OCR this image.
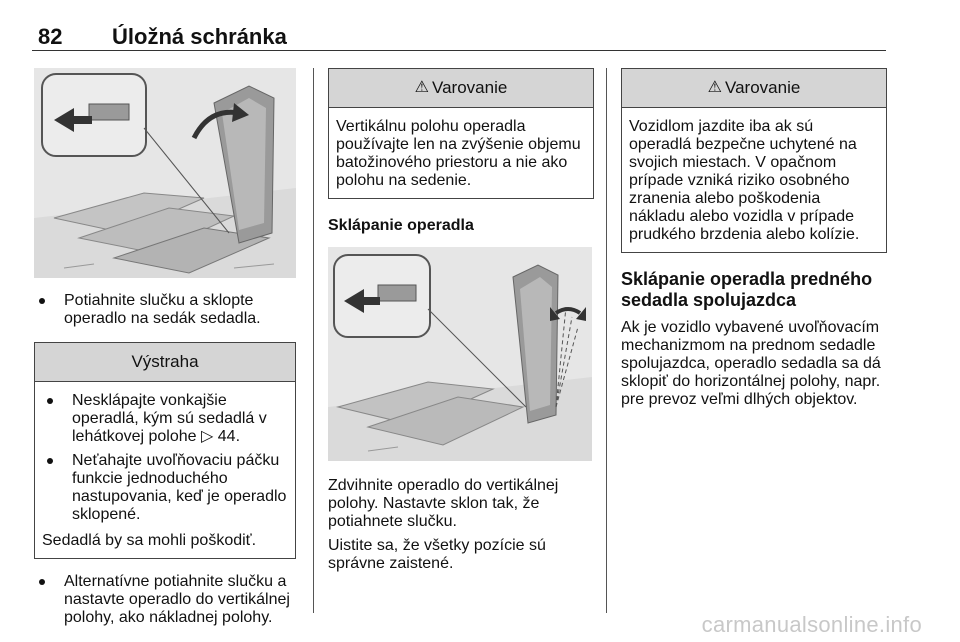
82 Úložná schránka

Potiahnite slučku a sklopte operadlo na sedák sedadla.

Výstraha

Nesklápajte vonkajšie operadlá, kým sú sedadlá v lehátkovej polohe ▷ 44.

Neťahajte uvoľňovaciu páčku funkcie jednoduchého nastupovania, keď je operadlo sklopené.

Sedadlá by sa mohli poškodiť.

Alternatívne potiahnite slučku a nastavte operadlo do vertikálnej polohy, ako nákladnej polohy.

⚠ Varovanie

Vertikálnu polohu operadla používajte len na zvýšenie objemu batožinového priestoru a nie ako polohu na sedenie.

Sklápanie operadla

Zdvihnite operadlo do vertikálnej polohy. Nastavte sklon tak, že potiahnete slučku.

Uistite sa, že všetky pozície sú správne zaistené.

⚠ Varovanie

Vozidlom jazdite iba ak sú operadlá bezpečne uchytené na svojich miestach. V opačnom prípade vzniká riziko osobného zranenia alebo poškodenia nákladu alebo vozidla v prípade prudkého brzdenia alebo kolízie.

Sklápanie operadla predného sedadla spolujazdca

Ak je vozidlo vybavené uvoľňovacím mechanizmom na prednom sedadle spolujazdca, operadlo sedadla sa dá sklopiť do horizontálnej polohy, napr. pre prevoz veľmi dlhých objektov.

carmanualsonline.info
